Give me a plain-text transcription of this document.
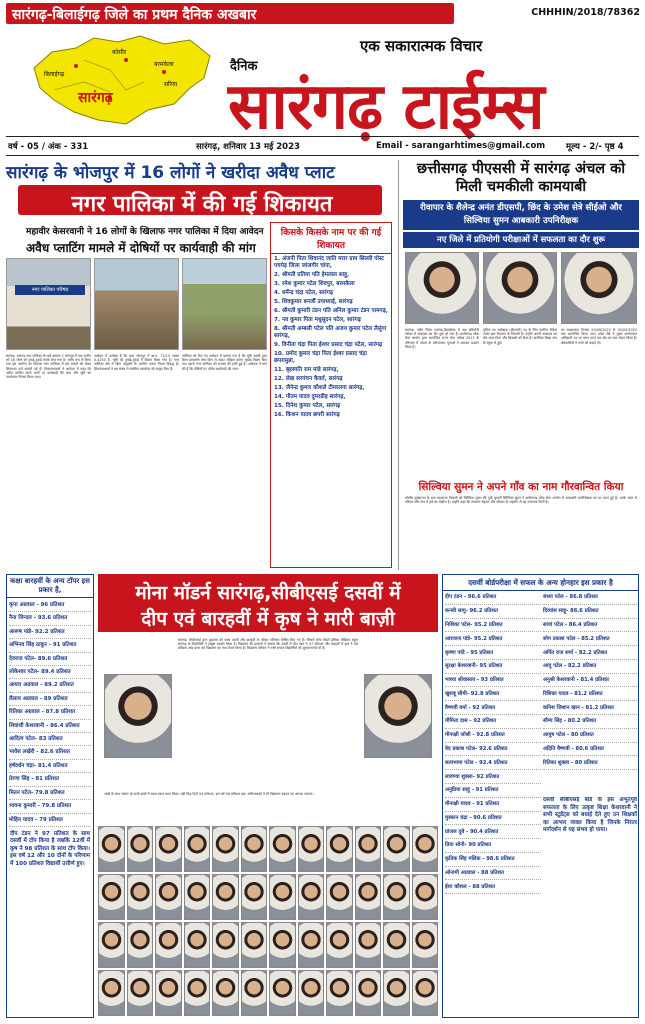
सारंगढ़-बिलाईगढ़ जिले का प्रथम दैनिक अखबार	CHHHIN/2018/78362
सारंगढ़
बिलाईगढ़
कोसीर
बरमकेला
सरिया
एक सकारात्मक विचार
दैनिक
सारंगढ़ टाईम्स
वर्ष - 05 / अंक - 331	सारंगढ़, शनिवार 13 मई 2023	Email - sarangarhtimes@gmail.com मूल्य - 2/- पृष्ठ 4
सारंगढ़ के भोजपुर में 16 लोगों ने खरीदा अवैध प्लाट
नगर पालिका में की गई शिकायत
महावीर केसरवानी ने 16 लोगों के खिलाफ नगर पालिका में दिया आवेदन
अवैध प्लाटिंग मामले में दोषियों पर कार्यवाही की मांग
नगर पालिका परिषद
सारंगढ़: सारंगढ़ नगर पालिका के वार्ड क्रमांक 2 भोजपुर में एक जमीन को 16 लोगों को टुकड़े-टुकड़े करके बेचा गया है। अवैध रूप से किया गया इस प्लाटिंग का विकास नगर पालिका में इस मामले को लेकर शिकायत दर्ज करायी गई है। शिकायतकर्ता ने आवेदन में कहा कि अवैध प्लाटिंग करने वालों पर कार्यवाही की जाए और भूमि का नामांतरण निरस्त किया जाए।
आवेदन में उल्लेख है कि ग्राम भोजपुर में ख.न. 71/10 रकबा 0.4250 है. भूमि को टुकड़े-टुकड़े में विक्रय किया गया है। नगर पालिका क्षेत्र में बिना अनुमति के प्लाटिंग करना नियम विरुद्ध है। शिकायतकर्ता ने इस संबंध में संबंधित दस्तावेज भी प्रस्तुत किए हैं।
पालिका को दिए गए आवेदन में बताया गया है कि भूमि स्वामी द्वारा बिना डायवर्सन तथा बिना ले-आउट स्वीकृत कराए भूखंड विक्रय किए गए। इससे नगर पालिका को राजस्व की हानि हुई है। आवेदक ने मांग की है कि दोषियों पर उचित कार्यवाही की जाए।
किसके किसके नाम पर की गई शिकायत
1. अंजनी पिता शिवानंद जाति मरार ग्राम सिल्ली पोस्ट पचपेड़ जिला जांजगीर चांपा,
2. श्रीमती प्रतिमा पति हेमलाल साहू,
3. रमेश कुमार पटेल शिवपुर, बरमकेला
4. धर्मेन्द्र चंद्रा पटेल, सारंगढ़
5. शिवकुमार बनर्जी उपाध्याई, सारंगढ़
6. श्रीमती कुमारी टंडन पति अनिल कुमार टंडन पामगढ़,
7. नव कुमार पिता मधुसूदन पटेल, सारंगढ़
8. श्रीमती अम्बली पटेल पति अजय कुमार पटेल लैलूंगा सारंगढ़,
9. विनीता चंद्रा पिता ईश्वर प्रसाद चंद्रा पटेल, सारंगढ़
10. प्रमोद कुमार चंद्रा पिता ईश्वर प्रसाद चंद्रा छपरामुन्ना,
11. बृहस्पति राम मांडे सारंगढ़,
12. लेख सरपंचन कैवर्त, सारंगढ़
13. जैनेन्द्र कुमार कौशले टीमरलगा सारंगढ़,
14. गौतम यादव दुमरडीह सारंगढ़,
15. दिनेश कुमार पटेल, सारंगढ़
16. किशन यादव छपरी सारंगढ़
छत्तीसगढ़ पीएससी में सारंगढ़ अंचल को मिली चमकीली कामयाबी
रीवापार के शैलेन्द्र अनंत डीएसपी, छिंद के उमेश सेत्रे सीईओ और सिल्विया सुमन आबकारी उपनिरीक्षक
नए जिले में प्रतियोगी परीक्षाओं में सफलता का दौर शुरू
सारंगढ़: नवीन जिला सारंगढ़-बिलाईगढ़ में अब प्रतियोगी परीक्षा में सफलता का दौर शुरू हो गया है। छत्तीसगढ़ लोक सेवा आयोग द्वारा आयोजित राज्य सेवा परीक्षा 2022 के परिणाम में अंचल के प्रतिभावान युवाओं ने शानदार प्रदर्शन किया है।
पुलिस उप अधीक्षक (डीएसपी) पद के लिए चयनित शैलेन्द्र अनंत ग्राम रीवापार के निवासी हैं। उन्होंने अपनी सफलता का श्रेय माता-पिता और शिक्षकों को दिया है। प्रारंभिक शिक्षा गांव के स्कूल से हुई।
का साक्षात्कार दिनांक 20/09/2022 से 30/09/2022 तक आयोजित किया गया। उमेश सेत्रे ने मुख्य कार्यपालन अधिकारी पद पर चयन प्राप्त कर क्षेत्र का नाम रोशन किया है। क्षेत्रवासियों ने सभी को बधाई दी।
सिल्विया सुमन ने अपने गाँव का नाम गौरवान्वित किया
कोसीर मुख्यालय के ग्राम महाराजा निवासी श्री सिल्विया सुमन की पुत्री कुमारी सिल्विया सुमन ने छत्तीसगढ़ लोक सेवा आयोग में आबकारी उपनिरीक्षक पद पर चयन हुई है। उनके चयन से परिवार और गांव में हर्ष का माहौल है। उन्होंने कहा कि लगातार मेहनत और परिवार के सहयोग से यह सफलता मिली है।
कक्षा बारहवीं के अन्य टॉपर इस प्रकार है,
कृपा अग्रवाल - 96 प्रतिशत
नैना जिन्दल - 93.6 प्रतिशत
आरूष पांडे- 92.2 प्रतिशत
अभिनव सिंह ठाकुर - 91 प्रतिशत
देवराज पटेल- 89.6 प्रतिशत
लोकेश्वर पटेल- 89.4 प्रतिशत
आयरा अग्रवाल - 89.2 प्रतिशत
लैलाय अग्रवाल - 89 प्रतिशत
रितिका अग्रवाल - 87.8 प्रतिशत
शिवांशी केशरवानी - 86.4 प्रतिशत
आदित्य पटेल- 83 प्रतिशत
भावेश लखेरी - 82.6 प्रतिशत
हर्षवर्धन चंद्रा- 81.4 प्रतिशत
प्रेरणा सिंह - 81 प्रतिशत
मितन पटेल- 79.8 प्रतिशत
भावना कुमारी - 79.8 प्रतिशत
मोहित यादव - 79 प्रतिशत
दीप टंडन ने 97 प्रतिशत के साथ दसवीं में टॉप किया है जबकि 12वीं में कृष ने 98 प्रतिशत के साथ टॉप किया। इस वर्ष 12 और 10 दोनों के परिणाम में 100 प्रतिशत विद्यार्थी उत्तीर्ण हुए।
मोना मॉडर्न सारंगढ़,सीबीएसई दसवीं में
दीप एवं बारहवीं में कृष ने मारी बाज़ी
सारंगढ़: सीबीएसई द्वारा शुक्रवार को कक्षा दसवीं और बारहवीं के परीक्षा परिणाम घोषित किए गए हैं। जिसमें मोना मॉडर्न इंग्लिश मीडियम स्कूल सारंगढ़ के विद्यार्थियों ने उत्कृष्ट प्रदर्शन किया है। विद्यालय की प्राचार्या ने बताया कि दसवीं में दीप टंडन ने 97 प्रतिशत और बारहवीं में कृष ने 98 प्रतिशत अंक प्राप्त कर विद्यालय का नाम रोशन किया है। विद्यालय परिवार ने सभी सफल विद्यार्थियों को शुभकामनाएं दी हैं।
अंकों के साथ सफल रहे सभी छात्रों में प्रथम स्थान प्राप्त किया। वहीं पिछ दिनों 94 प्रतिशत, इस वर्ष 98 प्रतिशत रहा। अभिभावकों ने भी विद्यालय प्रबंधन का आभार जताया।
दसवीं बोर्डपरीक्षा में सफल के अन्य होनहार इस प्रकार है
दीप टंडन - 96.6 प्रतिशत
कनवी सागु- 96.2 प्रतिशत
निशिका पटेल- 95.2 प्रतिशत
आराधना पांडे- 95.2 प्रतिशत
कृष्णा पांडे - 95 प्रतिशत
सुरक्षा केशरवानी- 95 प्रतिशत
भाव्या श्रीवास्तव - 93 प्रतिशत
खुशबू सीमी- 92.8 प्रतिशत
वैष्णवी वर्मा - 92 प्रतिशत
मौमिता दास - 92 प्रतिशत
मीनाक्षी जोशी - 92.8 प्रतिशत
वेद प्रकाश पटेल- 92.6 प्रतिशत
सत्यभामा पटेल - 92.4 प्रतिशत
लावण्या शुक्ला- 92 प्रतिशत
अनुप्रिया साहू - 91 प्रतिशत
मीनाक्षी यादव - 91 प्रतिशत
मुस्कान चंद्रा - 90.6 प्रतिशत
प्रांजल दुबे - 90.4 प्रतिशत
प्रिया सोनी- 90 प्रतिशत
कृतिक सिंह मलिक - 98.6 प्रतिशत
ओनामी अग्रवाल - 88 प्रतिशत
ईशा कौशल - 88 प्रतिशत
संध्या पटेल - 86.8 प्रतिशत
दिव्यांश साहू- 86.6 प्रतिशत
सायां पटेल - 86.4 प्रतिशत
सोम प्रकाश पटेल - 85.2 प्रतिशत
अर्पित राज शर्मा - 82.2 प्रतिशत
आयु पटेल - 82.2 प्रतिशत
अनुश्री केशरवानी - 81.4 प्रतिशत
रिशिका यादव - 81.2 प्रतिशत
कनिश जिशान खान - 81.2 प्रतिशत
सौम्य सिंह - 80.2 प्रतिशत
आयुष पटेल - 80 प्रतिशत
अदिति वैष्णवी - 80.6 प्रतिशत
रितिका शुक्ला - 80 प्रतिशत
दसवीं सीबीएसई बोर्ड के इस अभूतपूर्व सफलता के लिए उत्कृष्ट शिक्षा केशरवानी ने सभी स्टूडेंट्स को बधाई देते हुए उन शिक्षकों का आभार व्यक्त किया है जिनके निरंतर मार्गदर्शन से यह संभव हो पाया।
